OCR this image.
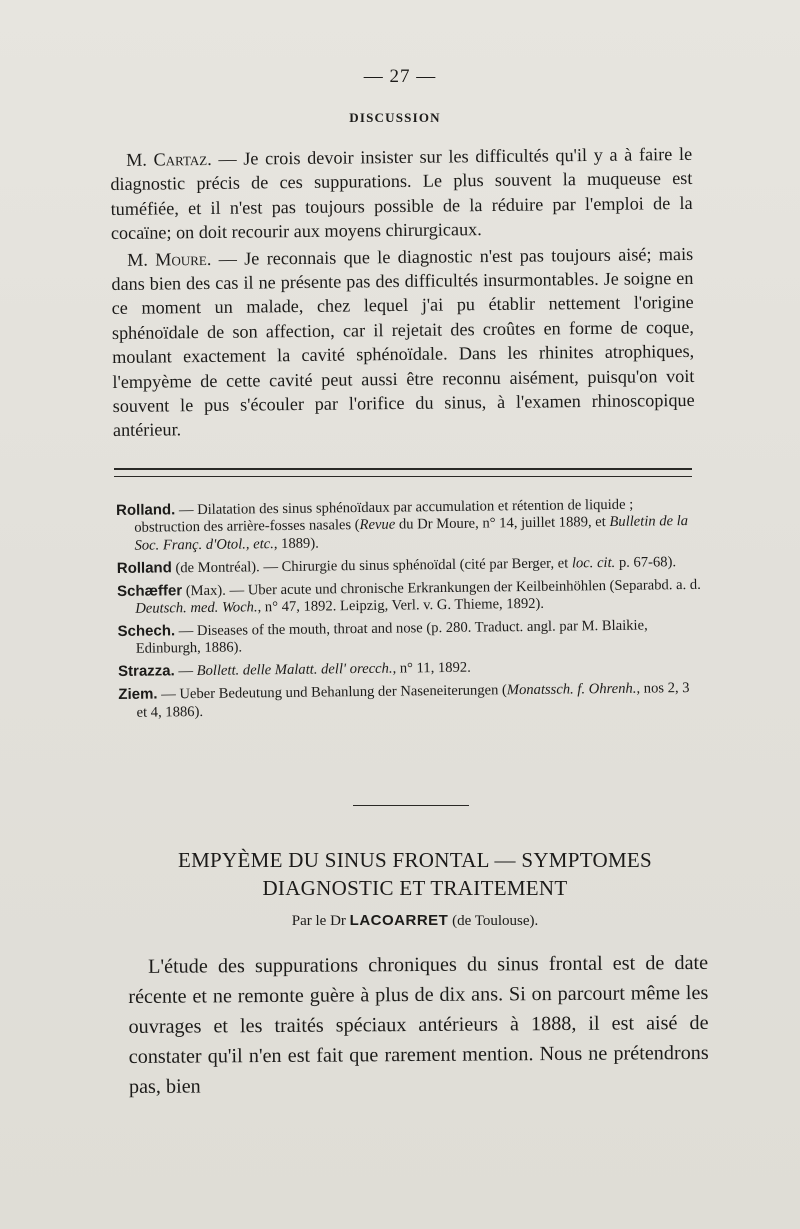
— 27 —
DISCUSSION

M. Cartaz. — Je crois devoir insister sur les difficultés qu'il y a à faire le diagnostic précis de ces suppurations. Le plus souvent la muqueuse est tuméfiée, et il n'est pas toujours possible de la réduire par l'emploi de la cocaïne; on doit recourir aux moyens chirurgicaux.

M. Moure. — Je reconnais que le diagnostic n'est pas toujours aisé; mais dans bien des cas il ne présente pas des difficultés insurmontables. Je soigne en ce moment un malade, chez lequel j'ai pu établir nettement l'origine sphénoïdale de son affection, car il rejetait des croûtes en forme de coque, moulant exactement la cavité sphénoïdale. Dans les rhinites atrophiques, l'empyème de cette cavité peut aussi être reconnu aisément, puisqu'on voit souvent le pus s'écouler par l'orifice du sinus, à l'examen rhinoscopique antérieur.

Rolland. — Dilatation des sinus sphénoïdaux par accumulation et rétention de liquide ; obstruction des arrière-fosses nasales (Revue du Dr Moure, n° 14, juillet 1889, et Bulletin de la Soc. Franç. d'Otol., etc., 1889).

Rolland (de Montréal). — Chirurgie du sinus sphénoïdal (cité par Berger, et loc. cit. p. 67-68).

Schæffer (Max). — Uber acute und chronische Erkrankungen der Keilbeinhöhlen (Separabd. a. d. Deutsch. med. Woch., n° 47, 1892. Leipzig, Verl. v. G. Thieme, 1892).

Schech. — Diseases of the mouth, throat and nose (p. 280. Traduct. angl. par M. Blaikie, Edinburgh, 1886).

Strazza. — Bollett. delle Malatt. dell' orecch., n° 11, 1892.

Ziem. — Ueber Bedeutung und Behanlung der Naseneiterungen (Monatssch. f. Ohrenh., nos 2, 3 et 4, 1886).

EMPYÈME DU SINUS FRONTAL — SYMPTOMES
DIAGNOSTIC ET TRAITEMENT
Par le Dr LACOARRET (de Toulouse).

L'étude des suppurations chroniques du sinus frontal est de date récente et ne remonte guère à plus de dix ans. Si on parcourt même les ouvrages et les traités spéciaux antérieurs à 1888, il est aisé de constater qu'il n'en est fait que rarement mention. Nous ne prétendrons pas, bien
